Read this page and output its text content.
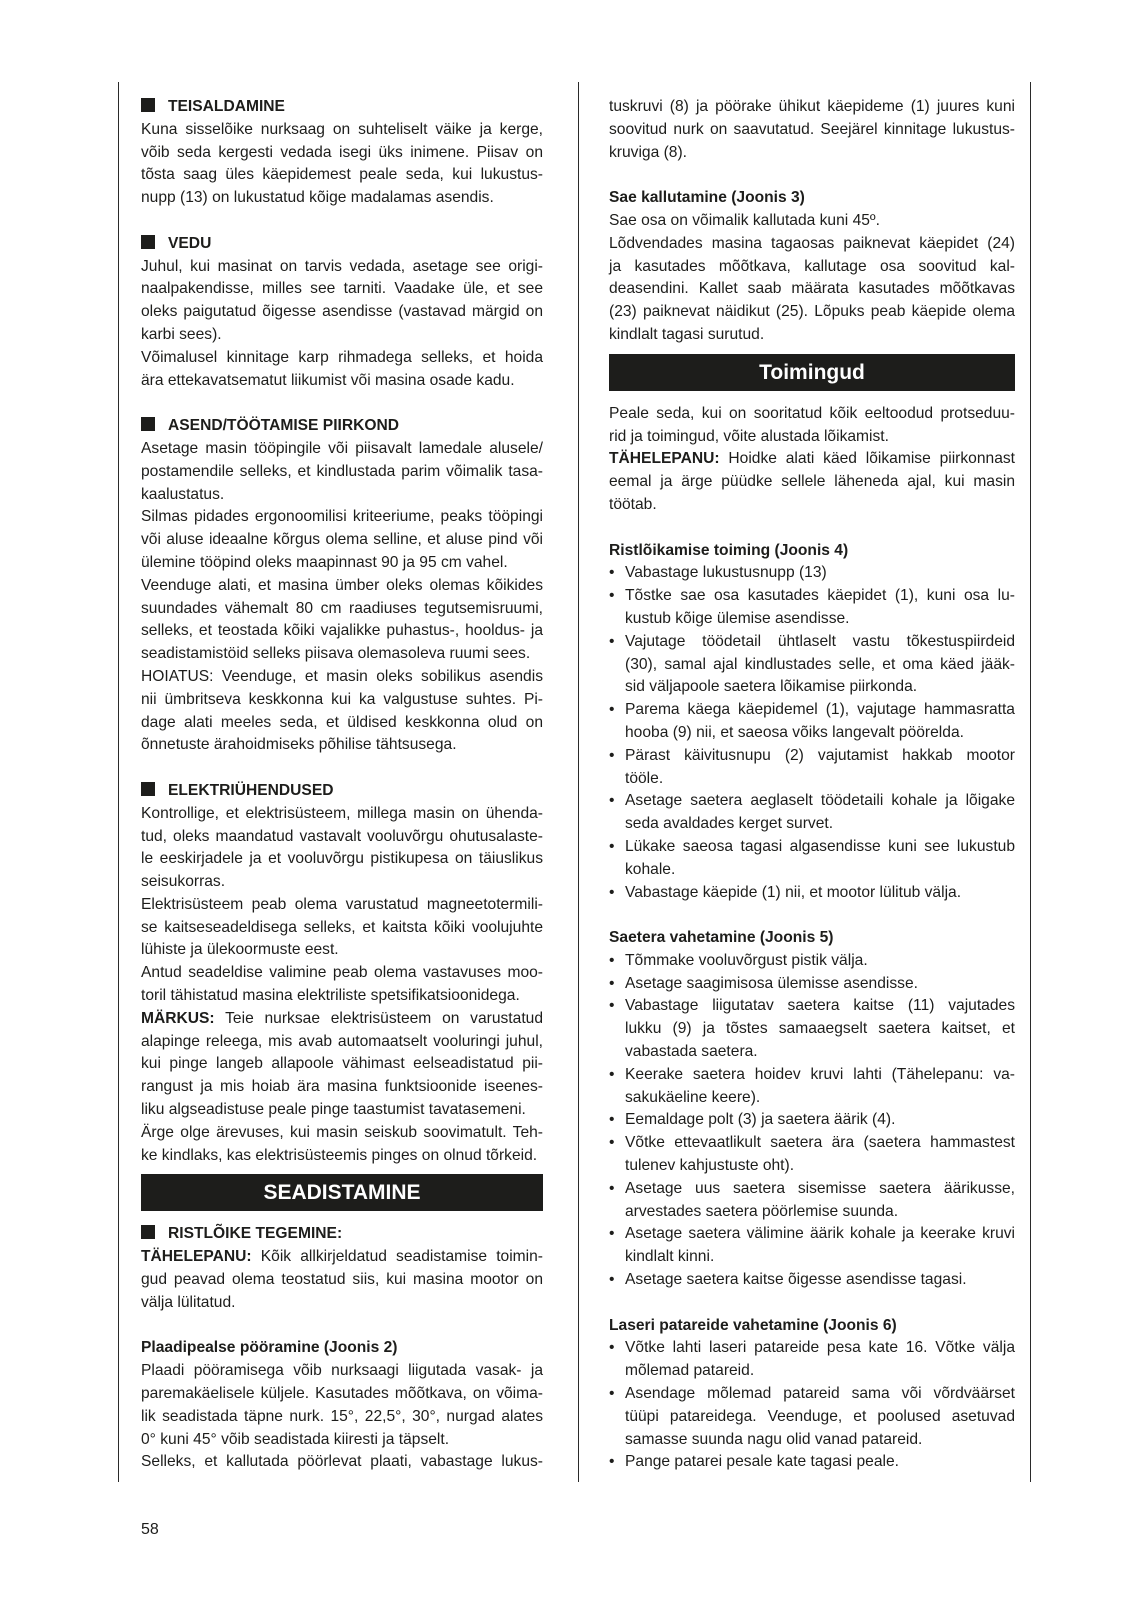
TEISALDAMINE
Kuna sisselõike nurksaag on suhteliselt väike ja kerge,
võib seda kergesti vedada isegi üks inimene. Piisav on
tõsta saag üles käepidemest peale seda, kui lukustus-
nupp (13) on lukustatud kõige madalamas asendis.
VEDU
Juhul, kui masinat on tarvis vedada, asetage see origi-
naalpakendisse, milles see tarniti. Vaadake üle, et see
oleks paigutatud õigesse asendisse (vastavad märgid on
karbi sees).
Võimalusel kinnitage karp rihmadega selleks, et hoida
ära ettekavatsematut liikumist või masina osade kadu.
ASEND/TÖÖTAMISE PIIRKOND
Asetage masin tööpingile või piisavalt lamedale alusele/
postamendile selleks, et kindlustada parim võimalik tasa-
kaalustatus.
Silmas pidades ergonoomilisi kriteeriume, peaks tööpingi
või aluse ideaalne kõrgus olema selline, et aluse pind või
ülemine tööpind oleks maapinnast 90 ja 95 cm vahel.
Veenduge alati, et masina ümber oleks olemas kõikides
suundades vähemalt 80 cm raadiuses tegutsemisruumi,
selleks, et teostada kõiki vajalikke puhastus-, hooldus- ja
seadistamistöid selleks piisava olemasoleva ruumi sees.
HOIATUS: Veenduge, et masin oleks sobilikus asendis
nii ümbritseva keskkonna kui ka valgustuse suhtes. Pi-
dage alati meeles seda, et üldised keskkonna olud on
õnnetuste ärahoidmiseks põhilise tähtsusega.
ELEKTRIÜHENDUSED
Kontrollige, et elektrisüsteem, millega masin on ühenda-
tud, oleks maandatud vastavalt vooluvõrgu ohutusalaste-
le eeskirjadele ja et vooluvõrgu pistikupesa on täiuslikus
seisukorras.
Elektrisüsteem peab olema varustatud magneetotermili-
se kaitseseadeldisega selleks, et kaitsta kõiki voolujuhte
lühiste ja ülekoormuste eest.
Antud seadeldise valimine peab olema vastavuses moo-
toril tähistatud masina elektriliste spetsifikatsioonidega.
MÄRKUS: Teie nurksae elektrisüsteem on varustatud
alapinge releega, mis avab automaatselt vooluringi juhul,
kui pinge langeb allapoole vähimast eelseadistatud pii-
rangust ja mis hoiab ära masina funktsioonide iseenes-
liku algseadistuse peale pinge taastumist tavatasemeni.
Ärge olge ärevuses, kui masin seiskub soovimatult. Teh-
ke kindlaks, kas elektrisüsteemis pinges on olnud tõrkeid.
SEADISTAMINE
RISTLÕIKE TEGEMINE:
TÄHELEPANU: Kõik allkirjeldatud seadistamise toimin-
gud peavad olema teostatud siis, kui masina mootor on
välja lülitatud.
Plaadipealse pööramine (Joonis 2)
Plaadi pööramisega võib nurksaagi liigutada vasak- ja
paremakäelisele küljele. Kasutades mõõtkava, on võima-
lik seadistada täpne nurk. 15°, 22,5°, 30°, nurgad alates
0° kuni 45° võib seadistada kiiresti ja täpselt.
Selleks, et kallutada pöörlevat plaati, vabastage lukus-
tuskruvi (8) ja pöörake ühikut käepideme (1) juures kuni
soovitud nurk on saavutatud. Seejärel kinnitage lukustus-
kruviga (8).
Sae kallutamine (Joonis 3)
Sae osa on võimalik kallutada kuni 45º.
Lõdvendades masina tagaosas paiknevat käepidet (24)
ja kasutades mõõtkava, kallutage osa soovitud kal-
deasendini. Kallet saab määrata kasutades mõõtkavas
(23) paiknevat näidikut (25). Lõpuks peab käepide olema
kindlalt tagasi surutud.
Toimingud
Peale seda, kui on sooritatud kõik eeltoodud protseduu-
rid ja toimingud, võite alustada lõikamist.
TÄHELEPANU: Hoidke alati käed lõikamise piirkonnast
eemal ja ärge püüdke sellele läheneda ajal, kui masin
töötab.
Ristlõikamise toiming (Joonis 4)
• Vabastage lukustusnupp (13)
• Tõstke sae osa kasutades käepidet (1), kuni osa lu-
kustub kõige ülemise asendisse.
• Vajutage töödetail ühtlaselt vastu tõkestuspiirdeid
(30), samal ajal kindlustades selle, et oma käed jääk-
sid väljapoole saetera lõikamise piirkonda.
• Parema käega käepidemel (1), vajutage hammasratta
hooba (9) nii, et saeosa võiks langevalt pöörelda.
• Pärast käivitusnupu (2) vajutamist hakkab mootor
tööle.
• Asetage saetera aeglaselt töödetaili kohale ja lõigake
seda avaldades kerget survet.
• Lükake saeosa tagasi algasendisse kuni see lukustub
kohale.
• Vabastage käepide (1) nii, et mootor lülitub välja.
Saetera vahetamine (Joonis 5)
• Tõmmake vooluvõrgust pistik välja.
• Asetage saagimisosa ülemisse asendisse.
• Vabastage liigutatav saetera kaitse (11) vajutades
lukku (9) ja tõstes samaaegselt saetera kaitset, et
vabastada saetera.
• Keerake saetera hoidev kruvi lahti (Tähelepanu: va-
sakukäeline keere).
• Eemaldage polt (3) ja saetera äärik (4).
• Võtke ettevaatlikult saetera ära (saetera hammastest
tulenev kahjustuste oht).
• Asetage uus saetera sisemisse saetera äärikusse,
arvestades saetera pöörlemise suunda.
• Asetage saetera välimine äärik kohale ja keerake kruvi
kindlalt kinni.
• Asetage saetera kaitse õigesse asendisse tagasi.
Laseri patareide vahetamine (Joonis 6)
• Võtke lahti laseri patareide pesa kate 16. Võtke välja
mõlemad patareid.
• Asendage mõlemad patareid sama või võrdväärset
tüüpi patareidega. Veenduge, et poolused asetuvad
samasse suunda nagu olid vanad patareid.
• Pange patarei pesale kate tagasi peale.
58
